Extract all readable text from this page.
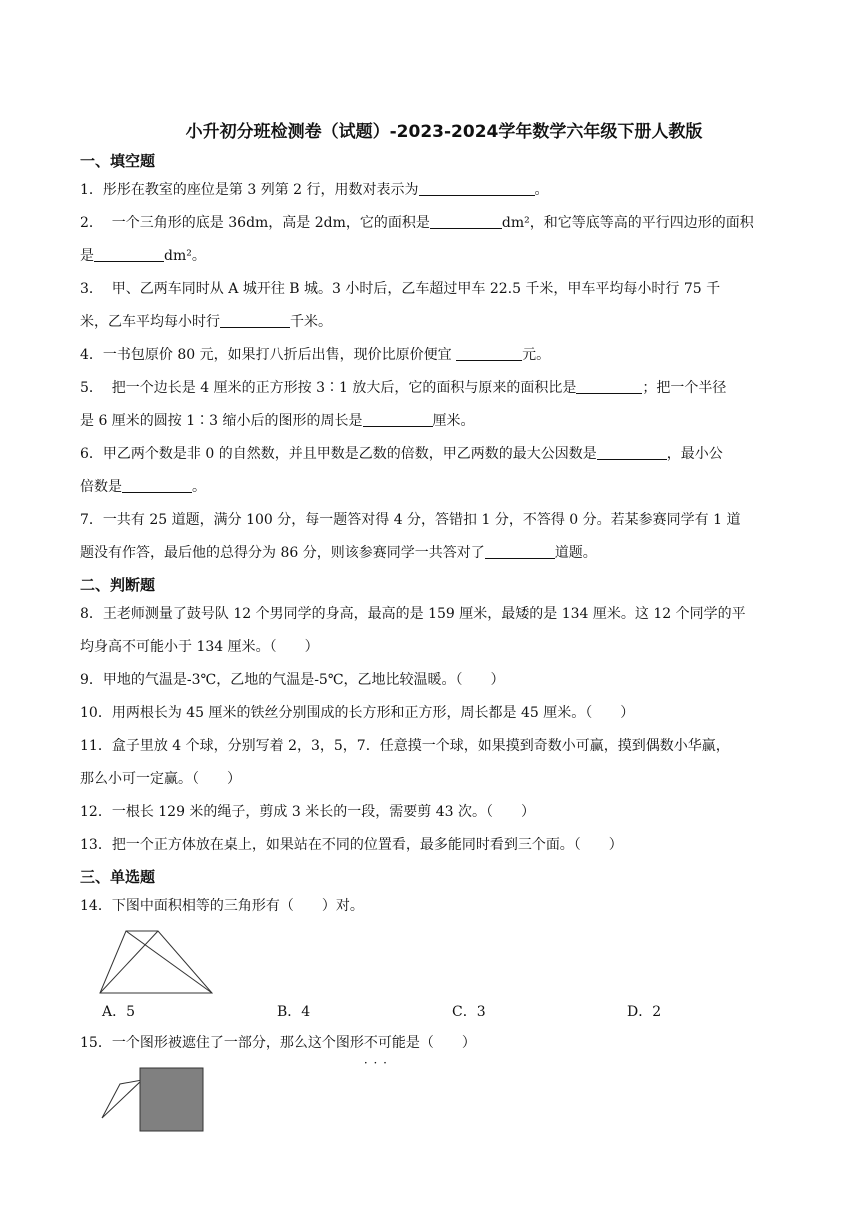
小升初分班检测卷（试题）-2023-2024学年数学六年级下册人教版
一、填空题

1．彤彤在教室的座位是第 3 列第 2 行，用数对表示为	。

2．  一个三角形的底是 36dm，高是 2dm，它的面积是	dm²，和它等底等高的平行四边形的面积
是	dm²。

3．  甲、乙两车同时从 A 城开往 B 城。3 小时后，乙车超过甲车 22.5 千米，甲车平均每小时行 75 千
米，乙车平均每小时行	千米。

4．一书包原价 80 元，如果打八折后出售，现价比原价便宜	元。

5．  把一个边长是 4 厘米的正方形按 3∶1 放大后，它的面积与原来的面积比是	；把一个半径
是 6 厘米的圆按 1∶3 缩小后的图形的周长是	厘米。

6．甲乙两个数是非 0 的自然数，并且甲数是乙数的倍数，甲乙两数的最大公因数是	，最小公
倍数是	。

7．一共有 25 道题，满分 100 分，每一题答对得 4 分，答错扣 1 分，不答得 0 分。若某参赛同学有 1 道
题没有作答，最后他的总得分为 86 分，则该参赛同学一共答对了	道题。

二、判断题

8．王老师测量了鼓号队 12 个男同学的身高，最高的是 159 厘米，最矮的是 134 厘米。这 12 个同学的平
均身高不可能小于 134 厘米。（　　）

9．甲地的气温是-3℃，乙地的气温是-5℃，乙地比较温暖。（　　）

10．用两根长为 45 厘米的铁丝分别围成的长方形和正方形，周长都是 45 厘米。（　　）

11．盒子里放 4 个球，分别写着 2，3，5，7．任意摸一个球，如果摸到奇数小可赢，摸到偶数小华赢，
那么小可一定赢。（　　）

12．一根长 129 米的绳子，剪成 3 米长的一段，需要剪 43 次。（　　）

13．把一个正方体放在桌上，如果站在不同的位置看，最多能同时看到三个面。（　　）

三、单选题

14．下图中面积相等的三角形有（　　）对。

A．5	B．4	C．3	D．2

15．一个图形被遮住了一部分，那么这个图形不可能 · · ·是（　　）
